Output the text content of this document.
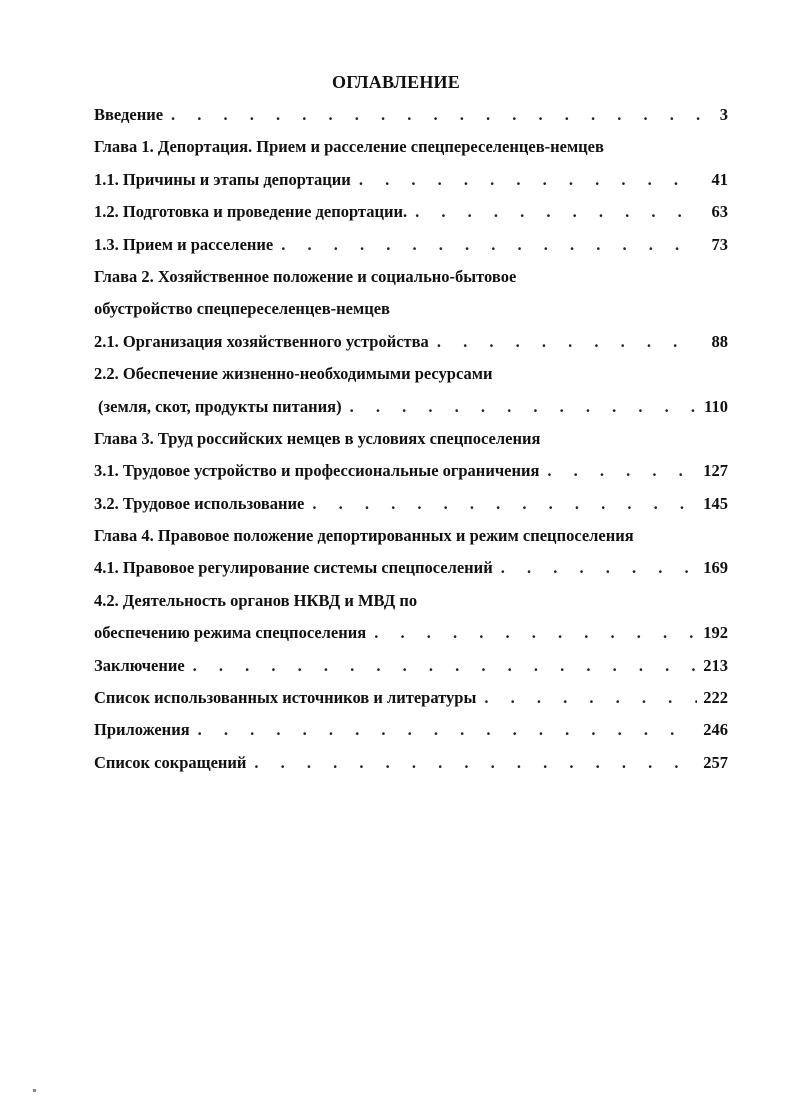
ОГЛАВЛЕНИЕ
Введение . . .	3
Глава 1. Депортация. Прием и расселение спецпереселенцев-немцев
1.1. Причины и этапы депортации . . .	41
1.2. Подготовка и проведение депортации. . . .	63
1.3. Прием и расселение . . .	73
Глава 2. Хозяйственное положение и социально-бытовое
обустройство спецпереселенцев-немцев
2.1. Организация хозяйственного устройства . . .	88
2.2. Обеспечение жизненно-необходимыми ресурсами
(земля, скот, продукты питания) . . .	110
Глава 3. Труд российских немцев в условиях спецпоселения
3.1. Трудовое устройство и профессиональные ограничения . . .	127
3.2. Трудовое использование . . .	145
Глава 4. Правовое положение депортированных и режим спецпоселения
4.1. Правовое регулирование системы спецпоселений . . .	169
4.2. Деятельность органов НКВД и МВД по
обеспечению режима спецпоселения . . .	192
Заключение . . .	213
Список использованных источников и литературы . . .	222
Приложения . . .	246
Список сокращений . . .	257
